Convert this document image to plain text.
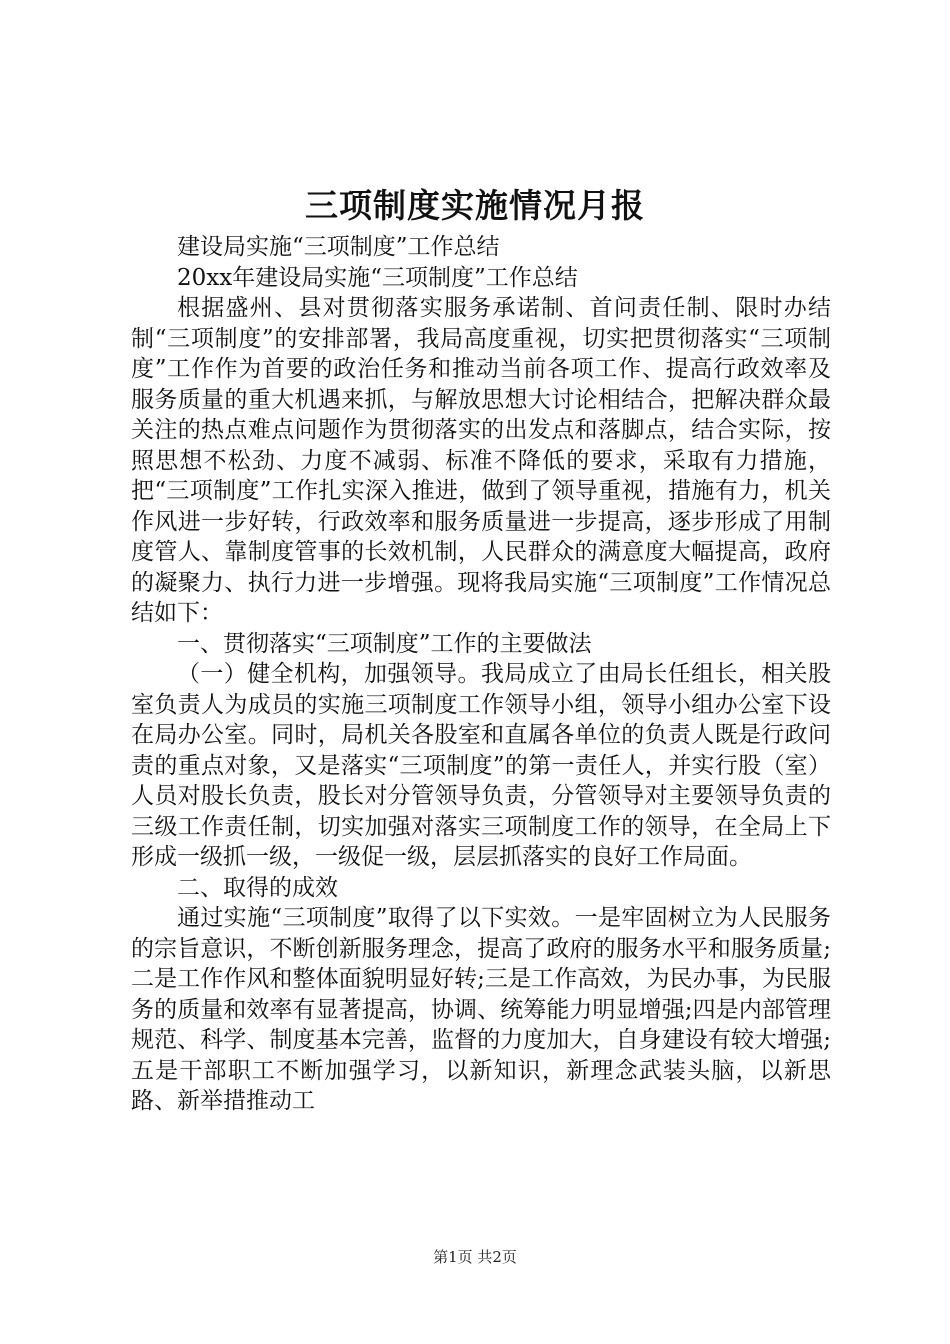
三项制度实施情况月报

建设局实施“三项制度”工作总结

20xx年建设局实施“三项制度”工作总结

根据盛州、县对贯彻落实服务承诺制、首问责任制、限时办结制“三项制度”的安排部署，我局高度重视，切实把贯彻落实“三项制度”工作作为首要的政治任务和推动当前各项工作、提高行政效率及服务质量的重大机遇来抓，与解放思想大讨论相结合，把解决群众最关注的热点难点问题作为贯彻落实的出发点和落脚点，结合实际，按照思想不松劲、力度不减弱、标准不降低的要求，采取有力措施，把“三项制度”工作扎实深入推进，做到了领导重视，措施有力，机关作风进一步好转，行政效率和服务质量进一步提高，逐步形成了用制度管人、靠制度管事的长效机制，人民群众的满意度大幅提高，政府的凝聚力、执行力进一步增强。现将我局实施“三项制度”工作情况总结如下：

一、贯彻落实“三项制度”工作的主要做法

（一）健全机构，加强领导。我局成立了由局长任组长，相关股室负责人为成员的实施三项制度工作领导小组，领导小组办公室下设在局办公室。同时，局机关各股室和直属各单位的负责人既是行政问责的重点对象，又是落实“三项制度”的第一责任人，并实行股（室）人员对股长负责，股长对分管领导负责，分管领导对主要领导负责的三级工作责任制，切实加强对落实三项制度工作的领导，在全局上下形成一级抓一级，一级促一级，层层抓落实的良好工作局面。

二、取得的成效

通过实施“三项制度”取得了以下实效。一是牢固树立为人民服务的宗旨意识，不断创新服务理念，提高了政府的服务水平和服务质量;二是工作作风和整体面貌明显好转;三是工作高效，为民办事，为民服务的质量和效率有显著提高，协调、统筹能力明显增强;四是内部管理规范、科学、制度基本完善，监督的力度加大，自身建设有较大增强;五是干部职工不断加强学习，以新知识，新理念武装头脑，以新思路、新举措推动工

第1页 共2页
